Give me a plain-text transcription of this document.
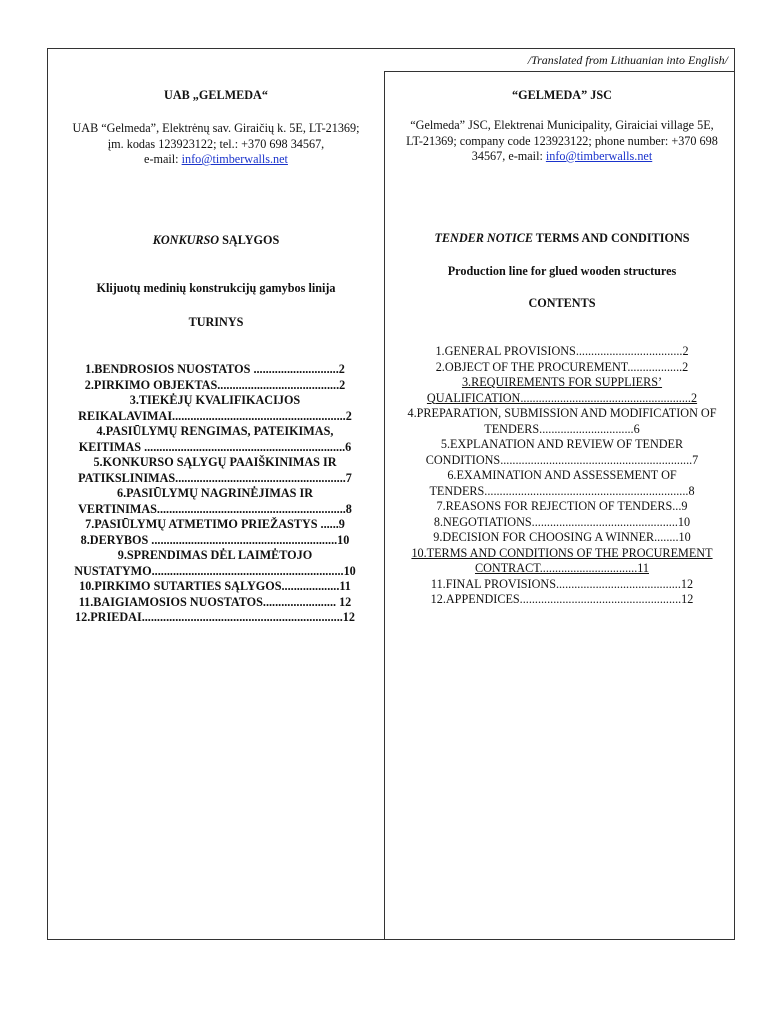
/Translated from Lithuanian into English/
UAB „GELMEDA“
UAB “Gelmeda”, Elektrėnų sav. Giraičių k. 5E, LT-21369;
įm. kodas 123923122; tel.: +370 698 34567,
e-mail: info@timberwalls.net
KONKURSO SĄLYGOS
Klijuotų medinių konstrukcijų gamybos linija
TURINYS
1.BENDROSIOS NUOSTATOS ............................2
2.PIRKIMO OBJEKTAS........................................2
3.TIEKĖJŲ KVALIFIKACIJOS
REIKALAVIMAI.........................................................2
4.PASIŪLYMŲ RENGIMAS, PATEIKIMAS,
KEITIMAS ..................................................................6
5.KONKURSO SĄLYGŲ PAAIŠKINIMAS IR
PATIKSLINIMAS........................................................7
6.PASIŪLYMŲ NAGRINĖJIMAS IR
VERTINIMAS..............................................................8
7.PASIŪLYMŲ ATMETIMO PRIEŽASTYS ......9
8.DERYBOS .............................................................10
9.SPRENDIMAS DĖL LAIMĖTOJO
NUSTATYMO...............................................................10
10.PIRKIMO SUTARTIES SĄLYGOS...................11
11.BAIGIAMOSIOS NUOSTATOS........................ 12
12.PRIEDAI..................................................................12
“GELMEDA” JSC
“Gelmeda” JSC, Elektrenai Municipality, Giraiciai village 5E,
LT-21369; company code 123923122; phone number: +370 698
34567, e-mail: info@timberwalls.net
TENDER NOTICE TERMS AND CONDITIONS
Production line for glued wooden structures
CONTENTS
1.GENERAL PROVISIONS...................................2
2.OBJECT OF THE PROCUREMENT..................2
3.REQUIREMENTS FOR SUPPLIERS’
QUALIFICATION........................................................2
4.PREPARATION, SUBMISSION AND MODIFICATION OF
TENDERS...............................6
5.EXPLANATION AND REVIEW OF TENDER
CONDITIONS...............................................................7
6.EXAMINATION AND ASSESSEMENT OF
TENDERS...................................................................8
7.REASONS FOR REJECTION OF TENDERS...9
8.NEGOTIATIONS................................................10
9.DECISION FOR CHOOSING A WINNER........10
10.TERMS AND CONDITIONS OF THE PROCUREMENT
CONTRACT................................11
11.FINAL PROVISIONS.........................................12
12.APPENDICES.....................................................12
